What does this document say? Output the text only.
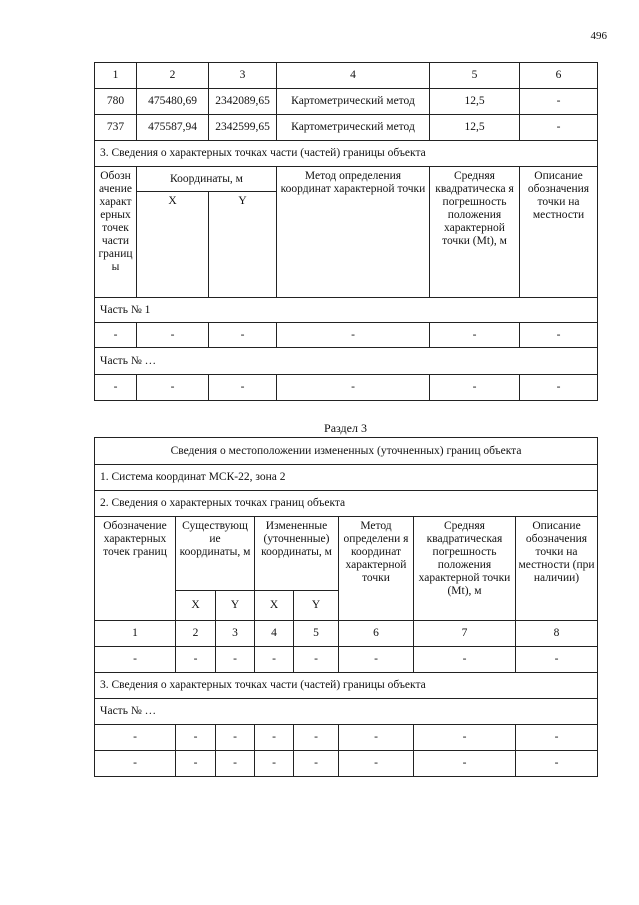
496
1	2	3	4	5	6
780	475480,69	2342089,65	Картометрический метод	12,5	-
737	475587,94	2342599,65	Картометрический метод	12,5	-
3. Сведения о характерных точках части (частей) границы объекта					
Обозн ачение характ ерных точек части границ ы	Координаты, м		Метод определения координат характерной точки	Средняя квадратическа я погрешность положения характерной точки (Mt), м	Описание обозначения точки на местности
	X	Y			
Часть № 1					
-	-	-	-	-	-
Часть № …					
-	-	-	-	-	-
Раздел 3
Сведения о местоположении измененных (уточненных) границ объекта							
1. Система координат МСК-22, зона 2							
2. Сведения о характерных точках границ объекта							
Обозначение характерных точек границ	Существующ ие координаты, м		Измененные (уточненные) координаты, м		Метод определени я координат характерной точки	Средняя квадратическая погрешность положения характерной точки (Mt), м	Описание обозначения точки на местности (при наличии)
	X	Y	X	Y			
1	2	3	4	5	6	7	8
-	-	-	-	-	-	-	-
3. Сведения о характерных точках части (частей) границы объекта							
Часть № …							
-	-	-	-	-	-	-	-
-	-	-	-	-	-	-	-
